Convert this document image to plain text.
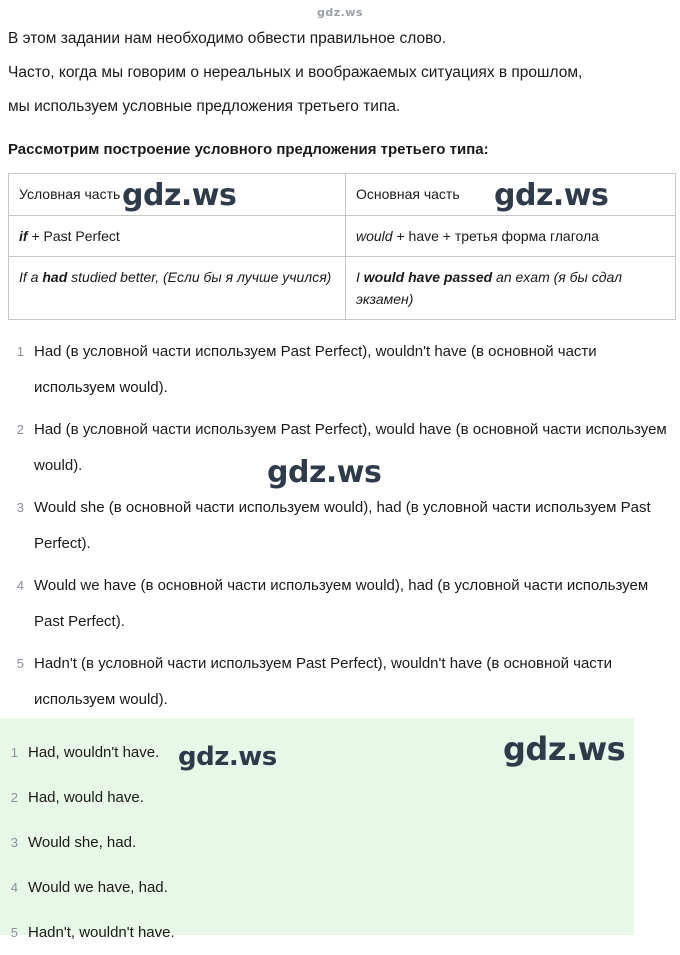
gdz.ws

В этом задании нам необходимо обвести правильное слово.

Часто, когда мы говорим о нереальных и воображаемых ситуациях в прошлом,

мы используем условные предложения третьего типа.

Рассмотрим построение условного предложения третьего типа:
Условная часть	Основная часть
if + Past Perfect	would + have + третья форма глагола
If a had studied better, (Если бы я лучше учился)	I would have passed an exam (я бы сдал экзамен)
1 Had (в условной части используем Past Perfect), wouldn't have (в основной части используем would).
2 Had (в условной части используем Past Perfect), would have (в основной части используем would).
3 Would she (в основной части используем would), had (в условной части используем Past Perfect).
4 Would we have (в основной части используем would), had (в условной части используем Past Perfect).
5 Hadn't (в условной части используем Past Perfect), wouldn't have (в основной части используем would).
1 Had, wouldn't have.
2 Had, would have.
3 Would she, had.
4 Would we have, had.
5 Hadn't, wouldn't have.
gdz.ws	gdz.ws
gdz.ws
gdz.ws	gdz.ws
